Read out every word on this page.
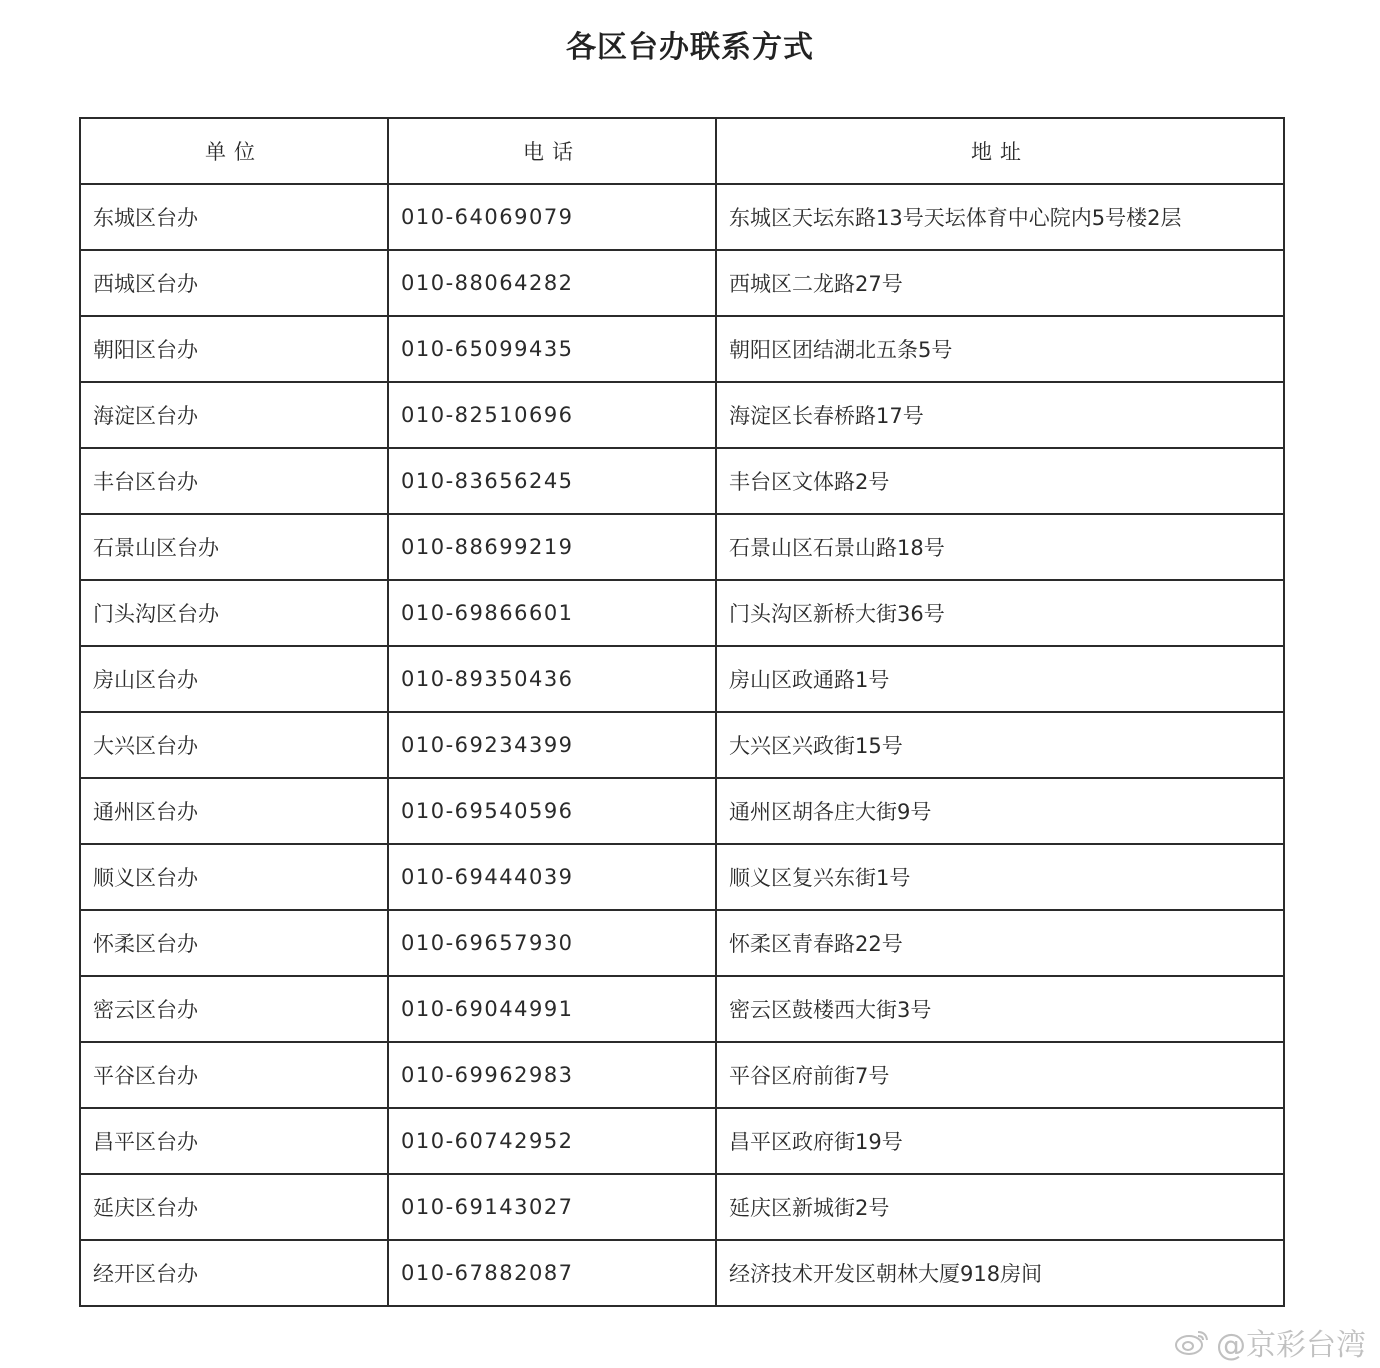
各区台办联系方式
单位	电话	地址
东城区台办	010-64069079	东城区天坛东路13号天坛体育中心院内5号楼2层
西城区台办	010-88064282	西城区二龙路27号
朝阳区台办	010-65099435	朝阳区团结湖北五条5号
海淀区台办	010-82510696	海淀区长春桥路17号
丰台区台办	010-83656245	丰台区文体路2号
石景山区台办	010-88699219	石景山区石景山路18号
门头沟区台办	010-69866601	门头沟区新桥大街36号
房山区台办	010-89350436	房山区政通路1号
大兴区台办	010-69234399	大兴区兴政街15号
通州区台办	010-69540596	通州区胡各庄大街9号
顺义区台办	010-69444039	顺义区复兴东街1号
怀柔区台办	010-69657930	怀柔区青春路22号
密云区台办	010-69044991	密云区鼓楼西大街3号
平谷区台办	010-69962983	平谷区府前街7号
昌平区台办	010-60742952	昌平区政府街19号
延庆区台办	010-69143027	延庆区新城街2号
经开区台办	010-67882087	经济技术开发区朝林大厦918房间
@京彩台湾
